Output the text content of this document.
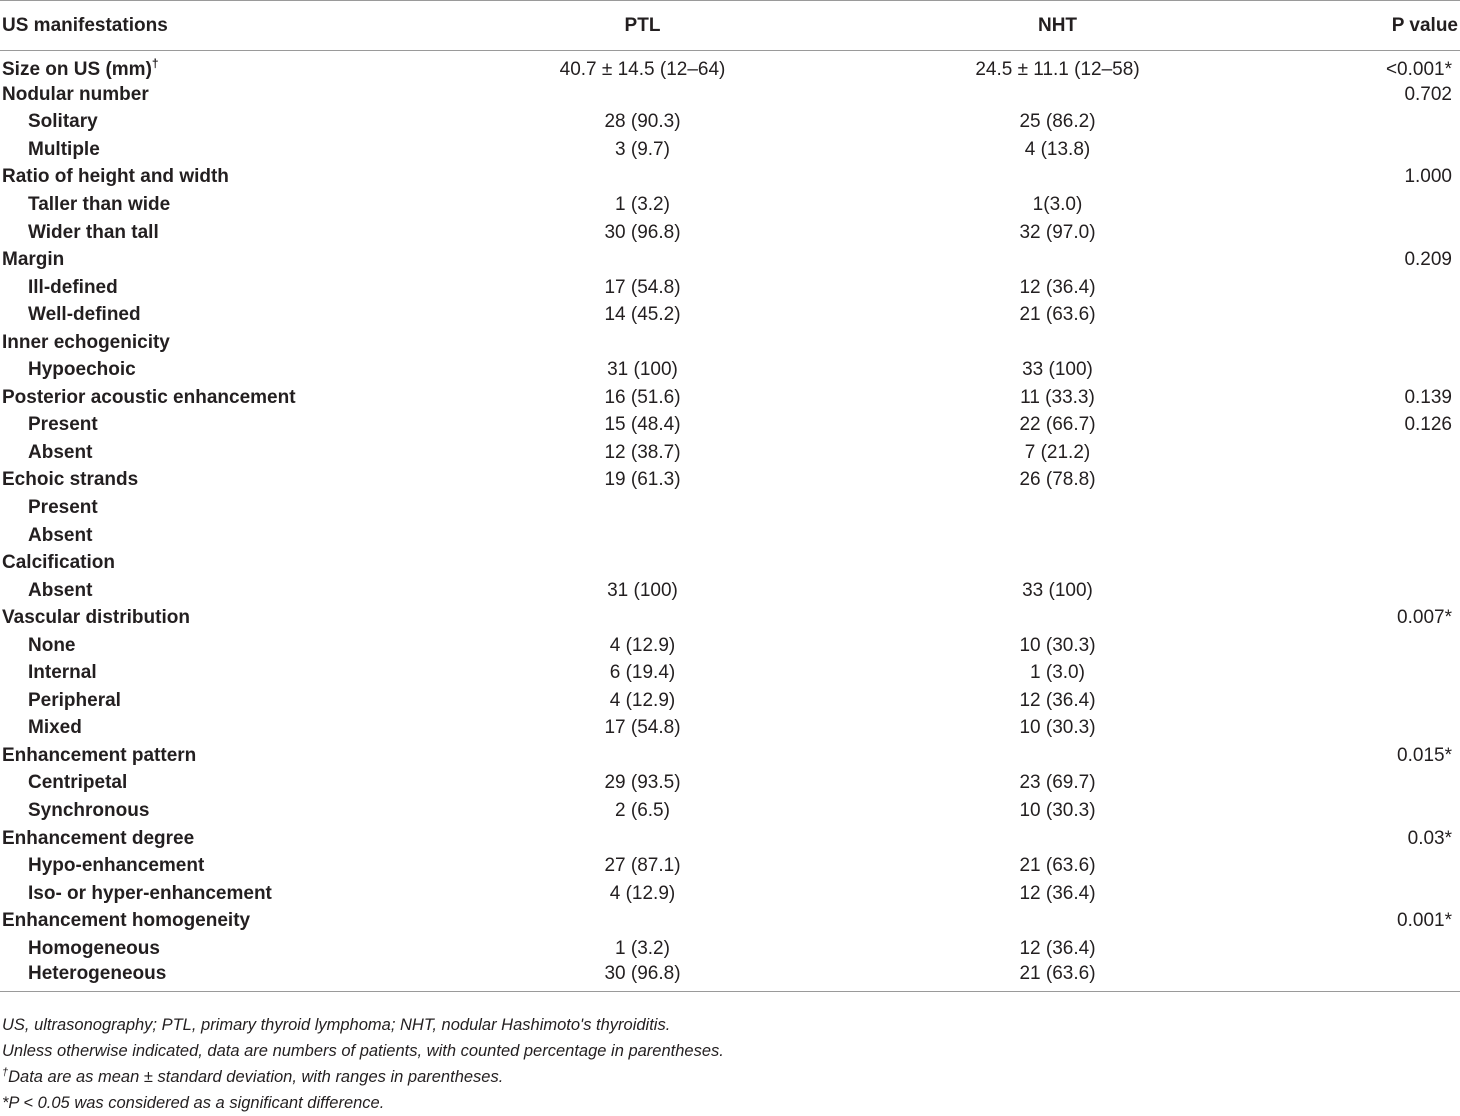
US manifestations	PTL	NHT	P value
Size on US (mm)†	40.7 ± 14.5 (12–64)	24.5 ± 11.1 (12–58)	<0.001*
Nodular number			0.702
Solitary	28 (90.3)	25 (86.2)	
Multiple	3 (9.7)	4 (13.8)	
Ratio of height and width			1.000
Taller than wide	1 (3.2)	1(3.0)	
Wider than tall	30 (96.8)	32 (97.0)	
Margin			0.209
Ill-defined	17 (54.8)	12 (36.4)	
Well-defined	14 (45.2)	21 (63.6)	
Inner echogenicity			
Hypoechoic	31 (100)	33 (100)	
Posterior acoustic enhancement	16 (51.6)	11 (33.3)	0.139
Present	15 (48.4)	22 (66.7)	0.126
Absent	12 (38.7)	7 (21.2)	
Echoic strands	19 (61.3)	26 (78.8)	
Present			
Absent			
Calcification			
Absent	31 (100)	33 (100)	
Vascular distribution			0.007*
None	4 (12.9)	10 (30.3)	
Internal	6 (19.4)	1 (3.0)	
Peripheral	4 (12.9)	12 (36.4)	
Mixed	17 (54.8)	10 (30.3)	
Enhancement pattern			0.015*
Centripetal	29 (93.5)	23 (69.7)	
Synchronous	2 (6.5)	10 (30.3)	
Enhancement degree			0.03*
Hypo-enhancement	27 (87.1)	21 (63.6)	
Iso- or hyper-enhancement	4 (12.9)	12 (36.4)	
Enhancement homogeneity			0.001*
Homogeneous	1 (3.2)	12 (36.4)	
Heterogeneous	30 (96.8)	21 (63.6)	
US, ultrasonography; PTL, primary thyroid lymphoma; NHT, nodular Hashimoto's thyroiditis.
Unless otherwise indicated, data are numbers of patients, with counted percentage in parentheses.
†Data are as mean ± standard deviation, with ranges in parentheses.
*P < 0.05 was considered as a significant difference.
